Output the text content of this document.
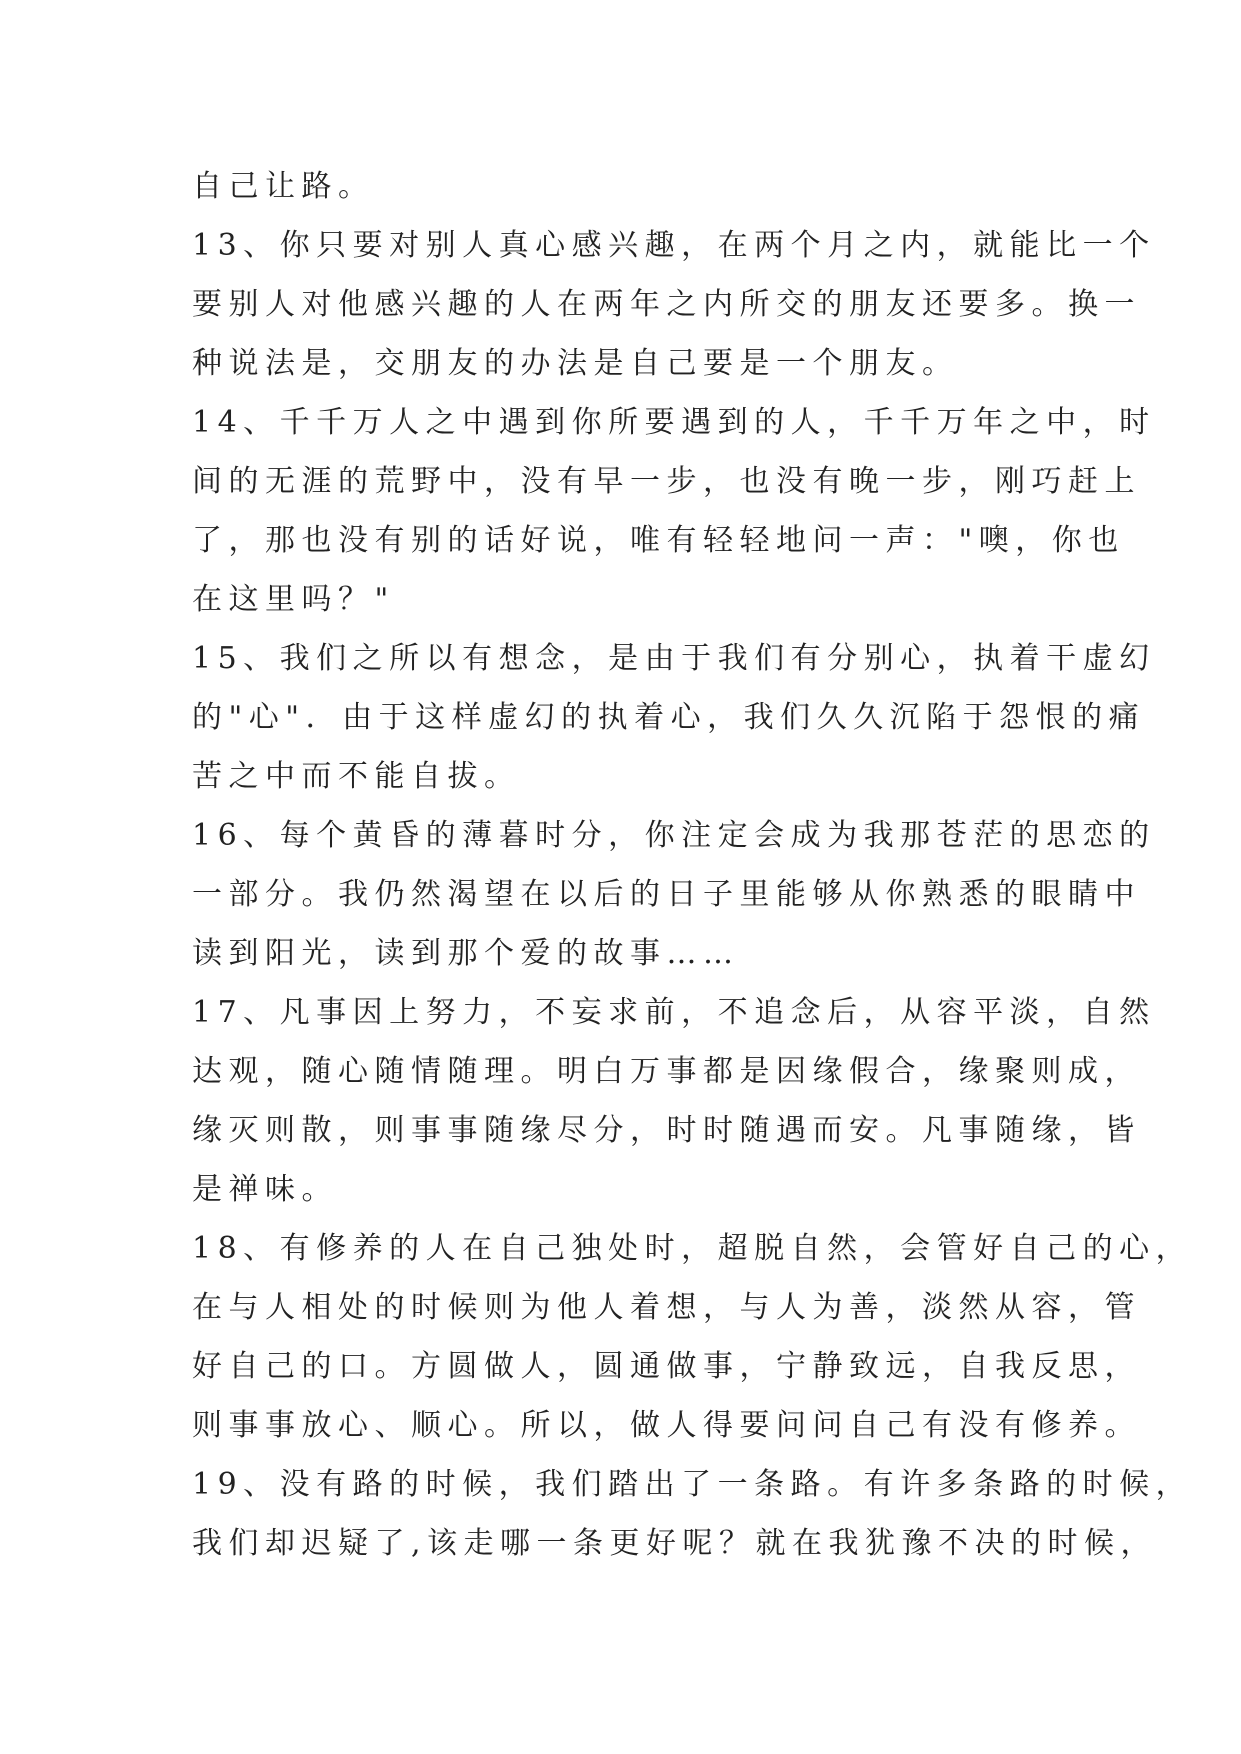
自己让路。
13、你只要对别人真心感兴趣，在两个月之内，就能比一个
要别人对他感兴趣的人在两年之内所交的朋友还要多。换一
种说法是，交朋友的办法是自己要是一个朋友。
14、千千万人之中遇到你所要遇到的人，千千万年之中，时
间的无涯的荒野中，没有早一步，也没有晚一步，刚巧赶上
了，那也没有别的话好说，唯有轻轻地问一声："噢，你也
在这里吗？"
15、我们之所以有想念，是由于我们有分别心，执着干虚幻
的"心"．由于这样虚幻的执着心，我们久久沉陷于怨恨的痛
苦之中而不能自拔。
16、每个黄昏的薄暮时分，你注定会成为我那苍茫的思恋的
一部分。我仍然渴望在以后的日子里能够从你熟悉的眼睛中
读到阳光，读到那个爱的故事……
17、凡事因上努力，不妄求前，不追念后，从容平淡，自然
达观，随心随情随理。明白万事都是因缘假合，缘聚则成，
缘灭则散，则事事随缘尽分，时时随遇而安。凡事随缘，皆
是禅味。
18、有修养的人在自己独处时，超脱自然，会管好自己的心，
在与人相处的时候则为他人着想，与人为善，淡然从容，管
好自己的口。方圆做人，圆通做事，宁静致远，自我反思，
则事事放心、顺心。所以，做人得要问问自己有没有修养。
19、没有路的时候，我们踏出了一条路。有许多条路的时候，
我们却迟疑了,该走哪一条更好呢？就在我犹豫不决的时候，
